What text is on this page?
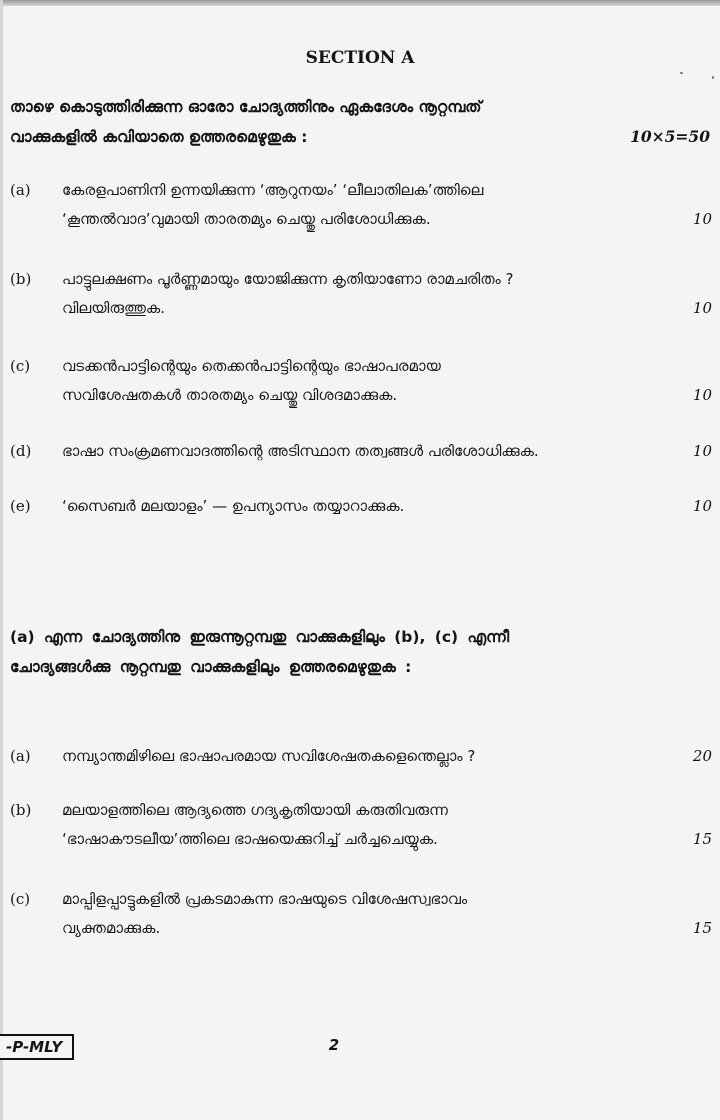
SECTION A
താഴെ കൊടുത്തിരിക്കുന്ന ഓരോ ചോദ്യത്തിനും ഏകദേശം നൂറ്റമ്പത്
വാക്കുകളിൽ കവിയാതെ ഉത്തരമെഴുതുക :	10×5=50
(a) കേരളപാണിനി ഉന്നയിക്കുന്ന ‘ആറുനയം’ ‘ലീലാതിലക’ത്തിലെ
‘കൂന്തൽവാദ’വുമായി താരതമ്യം ചെയ്തു പരിശോധിക്കുക.	10
(b) പാട്ടുലക്ഷണം പൂർണ്ണമായും യോജിക്കുന്ന കൃതിയാണോ രാമചരിതം ?
വിലയിരുത്തുക.	10
(c) വടക്കൻപാട്ടിന്റെയും തെക്കൻപാട്ടിന്റെയും ഭാഷാപരമായ
സവിശേഷതകൾ താരതമ്യം ചെയ്തു വിശദമാക്കുക.	10
(d) ഭാഷാ സംക്രമണവാദത്തിന്റെ അടിസ്ഥാന തത്വങ്ങൾ പരിശോധിക്കുക.	10
(e) ‘സൈബർ മലയാളം’ — ഉപന്യാസം തയ്യാറാക്കുക.	10
(a) എന്ന ചോദ്യത്തിനു ഇരുന്നൂറ്റമ്പതു വാക്കുകളിലും (b), (c) എന്നീ
ചോദ്യങ്ങൾക്കു നൂറ്റമ്പതു വാക്കുകളിലും ഉത്തരമെഴുതുക :
(a) നമ്പ്യാന്തമിഴിലെ ഭാഷാപരമായ സവിശേഷതകളെന്തെല്ലാം ?	20
(b) മലയാളത്തിലെ ആദ്യത്തെ ഗദ്യകൃതിയായി കരുതിവരുന്ന
‘ഭാഷാകൗടലീയ’ത്തിലെ ഭാഷയെക്കുറിച്ച് ചർച്ചചെയ്യുക.	15
(c) മാപ്പിളപ്പാട്ടുകളിൽ പ്രകടമാകുന്ന ഭാഷയുടെ വിശേഷസ്വഭാവം
വ്യക്തമാക്കുക.	15
-P-MLY	2
